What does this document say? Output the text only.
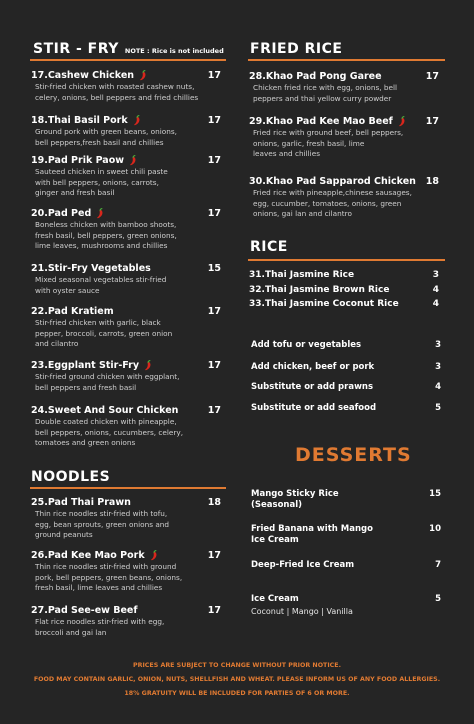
STIR - FRY NOTE : Rice is not included
17.Cashew Chicken	17
Stir-fried chicken with roasted cashew nuts,
celery, onions, bell peppers and fried chillies
18.Thai Basil Pork	17
Ground pork with green beans, onions,
bell peppers,fresh basil and chillies
19.Pad Prik Paow	17
Sauteed chicken in sweet chili paste
with bell peppers, onions, carrots,
ginger and fresh basil
20.Pad Ped	17
Boneless chicken with bamboo shoots,
fresh basil, bell peppers, green onions,
lime leaves, mushrooms and chillies
21.Stir-Fry Vegetables	15
Mixed seasonal vegetables stir-fried
with oyster sauce
22.Pad Kratiem	17
Stir-fried chicken with garlic, black
pepper, broccoli, carrots, green onion
and cilantro
23.Eggplant Stir-Fry	17
Stir-fried ground chicken with eggplant,
bell peppers and fresh basil
24.Sweet And Sour Chicken	17
Double coated chicken with pineapple,
bell peppers, onions, cucumbers, celery,
tomatoes and green onions
NOODLES
25.Pad Thai Prawn	18
Thin rice noodles stir-fried with tofu,
egg, bean sprouts, green onions and
ground peanuts
26.Pad Kee Mao Pork	17
Thin rice noodles stir-fried with ground
pork, bell peppers, green beans, onions,
fresh basil, lime leaves and chillies
27.Pad See-ew Beef	17
Flat rice noodles stir-fried with egg,
broccoli and gai lan
FRIED RICE
28.Khao Pad Pong Garee	17
Chicken fried rice with egg, onions, bell
peppers and thai yellow curry powder
29.Khao Pad Kee Mao Beef	17
Fried rice with ground beef, bell peppers,
onions, garlic, fresh basil, lime
leaves and chillies
30.Khao Pad Sapparod Chicken 18
Fried rice with pineapple,chinese sausages,
egg, cucumber, tomatoes, onions, green
onions, gai lan and cilantro
RICE
31.Thai Jasmine Rice	3
32.Thai Jasmine Brown Rice	4
33.Thai Jasmine Coconut Rice	4
Add tofu or vegetables	3
Add chicken, beef or pork	3
Substitute or add prawns	4
Substitute or add seafood	5
DESSERTS
Mango Sticky Rice
(Seasonal)
15
Fried Banana with Mango
Ice Cream
10
Deep-Fried Ice Cream	7
Ice Cream	5
Coconut | Mango | Vanilla
PRICES ARE SUBJECT TO CHANGE WITHOUT PRIOR NOTICE.
FOOD MAY CONTAIN GARLIC, ONION, NUTS, SHELLFISH AND WHEAT. PLEASE INFORM US OF ANY FOOD ALLERGIES.
18% GRATUITY WILL BE INCLUDED FOR PARTIES OF 6 OR MORE.
